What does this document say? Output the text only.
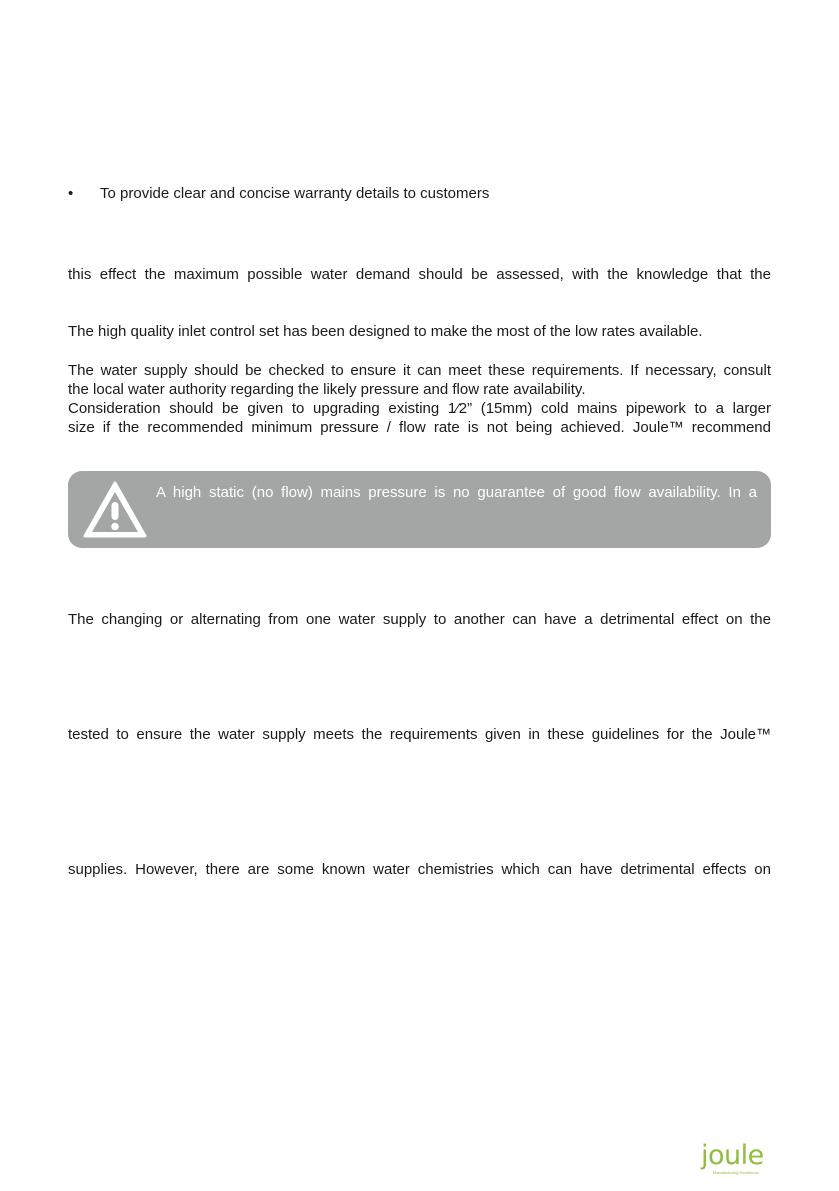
•	To provide clear and concise warranty details to customers

this effect the maximum possible water demand should be assessed, with the knowledge that the

The high quality inlet control set has been designed to make the most of the low rates available.

The water supply should be checked to ensure it can meet these requirements. If necessary, consult

the local water authority regarding the likely pressure and flow rate availability.

Consideration should be given to upgrading existing 1⁄2” (15mm) cold mains pipework to a larger

size if the recommended minimum pressure / flow rate is not being achieved. Joule™ recommend

A high static (no flow) mains pressure is no guarantee of good flow availability. In a

The changing or alternating from one water supply to another can have a detrimental effect on the

tested to ensure the water supply meets the requirements given in these guidelines for the Joule™

supplies. However, there are some known water chemistries which can have detrimental effects on

joule
Manufacturing Excellence
